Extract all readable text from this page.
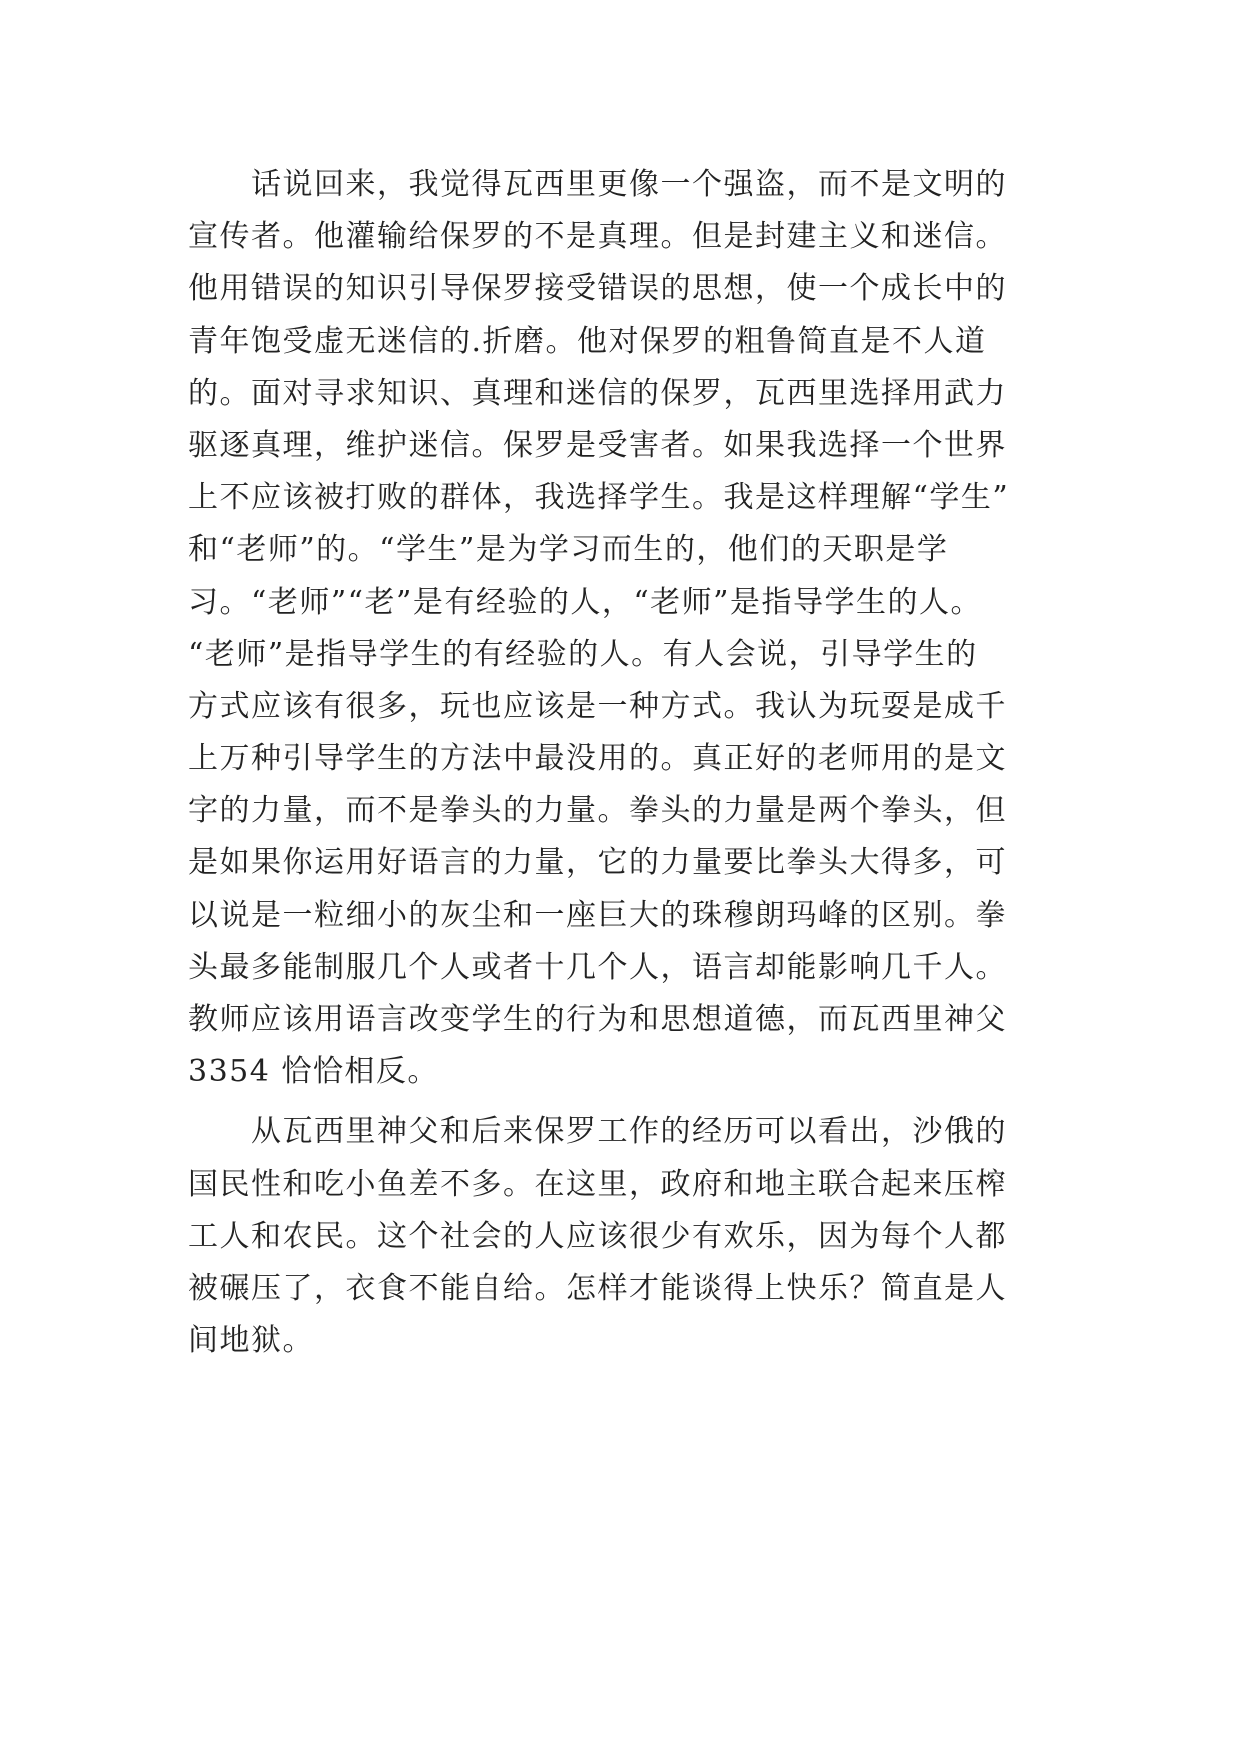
　　话说回来，我觉得瓦西里更像一个强盗，而不是文明的
宣传者。他灌输给保罗的不是真理。但是封建主义和迷信。
他用错误的知识引导保罗接受错误的思想，使一个成长中的
青年饱受虚无迷信的.折磨。他对保罗的粗鲁简直是不人道
的。面对寻求知识、真理和迷信的保罗，瓦西里选择用武力
驱逐真理，维护迷信。保罗是受害者。如果我选择一个世界
上不应该被打败的群体，我选择学生。我是这样理解“学生”
和“老师”的。“学生”是为学习而生的，他们的天职是学
习。“老师”“老”是有经验的人，“老师”是指导学生的人。
“老师”是指导学生的有经验的人。有人会说，引导学生的
方式应该有很多，玩也应该是一种方式。我认为玩耍是成千
上万种引导学生的方法中最没用的。真正好的老师用的是文
字的力量，而不是拳头的力量。拳头的力量是两个拳头，但
是如果你运用好语言的力量，它的力量要比拳头大得多，可
以说是一粒细小的灰尘和一座巨大的珠穆朗玛峰的区别。拳
头最多能制服几个人或者十几个人，语言却能影响几千人。
教师应该用语言改变学生的行为和思想道德，而瓦西里神父
3354 恰恰相反。
　　从瓦西里神父和后来保罗工作的经历可以看出，沙俄的
国民性和吃小鱼差不多。在这里，政府和地主联合起来压榨
工人和农民。这个社会的人应该很少有欢乐，因为每个人都
被碾压了，衣食不能自给。怎样才能谈得上快乐？简直是人
间地狱。
